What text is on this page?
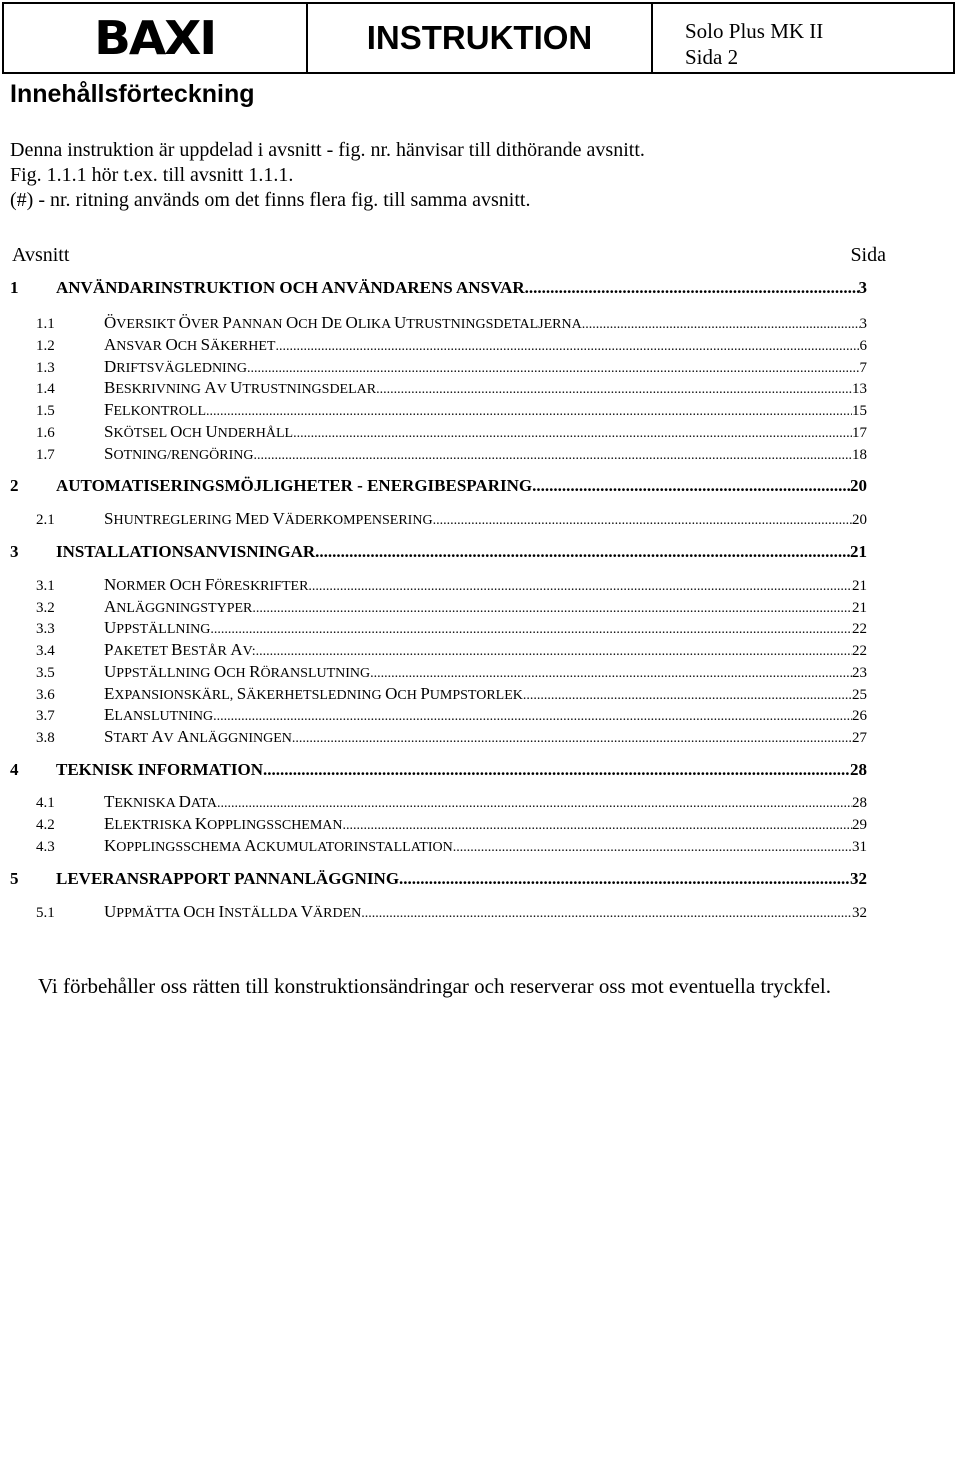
BAXI	INSTRUKTION	Solo Plus MK II
Sida 2
Innehållsförteckning
Denna instruktion är uppdelad i avsnitt - fig. nr. hänvisar till dithörande avsnitt.
Fig. 1.1.1 hör t.ex. till avsnitt 1.1.1.
(#) - nr. ritning används om det finns flera fig. till samma avsnitt.
Avsnitt	Sida
1	ANVÄNDARINSTRUKTION OCH ANVÄNDARENS ANSVAR .....	3
1.1	ÖVERSIKT ÖVER PANNAN OCH DE OLIKA UTRUSTNINGSDETALJERNA .....	3
1.2	ANSVAR OCH SÄKERHET .....	6
1.3	DRIFTSVÄGLEDNING .....	7
1.4	BESKRIVNING AV UTRUSTNINGSDELAR .....	13
1.5	FELKONTROLL .....	15
1.6	SKÖTSEL OCH UNDERHÅLL .....	17
1.7	SOTNING/RENGÖRING .....	18
2	AUTOMATISERINGSMÖJLIGHETER - ENERGIBESPARING. .....	20
2.1	SHUNTREGLERING MED VÄDERKOMPENSERING .....	20
3	INSTALLATIONSANVISNINGAR. .....	21
3.1	NORMER OCH FÖRESKRIFTER .....	21
3.2	ANLÄGGNINGSTYPER .....	21
3.3	UPPSTÄLLNING .....	22
3.4	PAKETET BESTÅR AV: .....	22
3.5	UPPSTÄLLNING OCH RÖRANSLUTNING .....	23
3.6	EXPANSIONSKÄRL, SÄKERHETSLEDNING OCH PUMPSTORLEK. .....	25
3.7	ELANSLUTNING .....	26
3.8	START AV ANLÄGGNINGEN. .....	27
4	TEKNISK INFORMATION .....	28
4.1	TEKNISKA DATA .....	28
4.2	ELEKTRISKA KOPPLINGSSCHEMAN .....	29
4.3	KOPPLINGSSCHEMA ACKUMULATORINSTALLATION. .....	31
5	LEVERANSRAPPORT PANNANLÄGGNING .....	32
5.1	UPPMÄTTA OCH INSTÄLLDA VÄRDEN .....	32
Vi förbehåller oss rätten till konstruktionsändringar och reserverar oss mot eventuella tryckfel.
